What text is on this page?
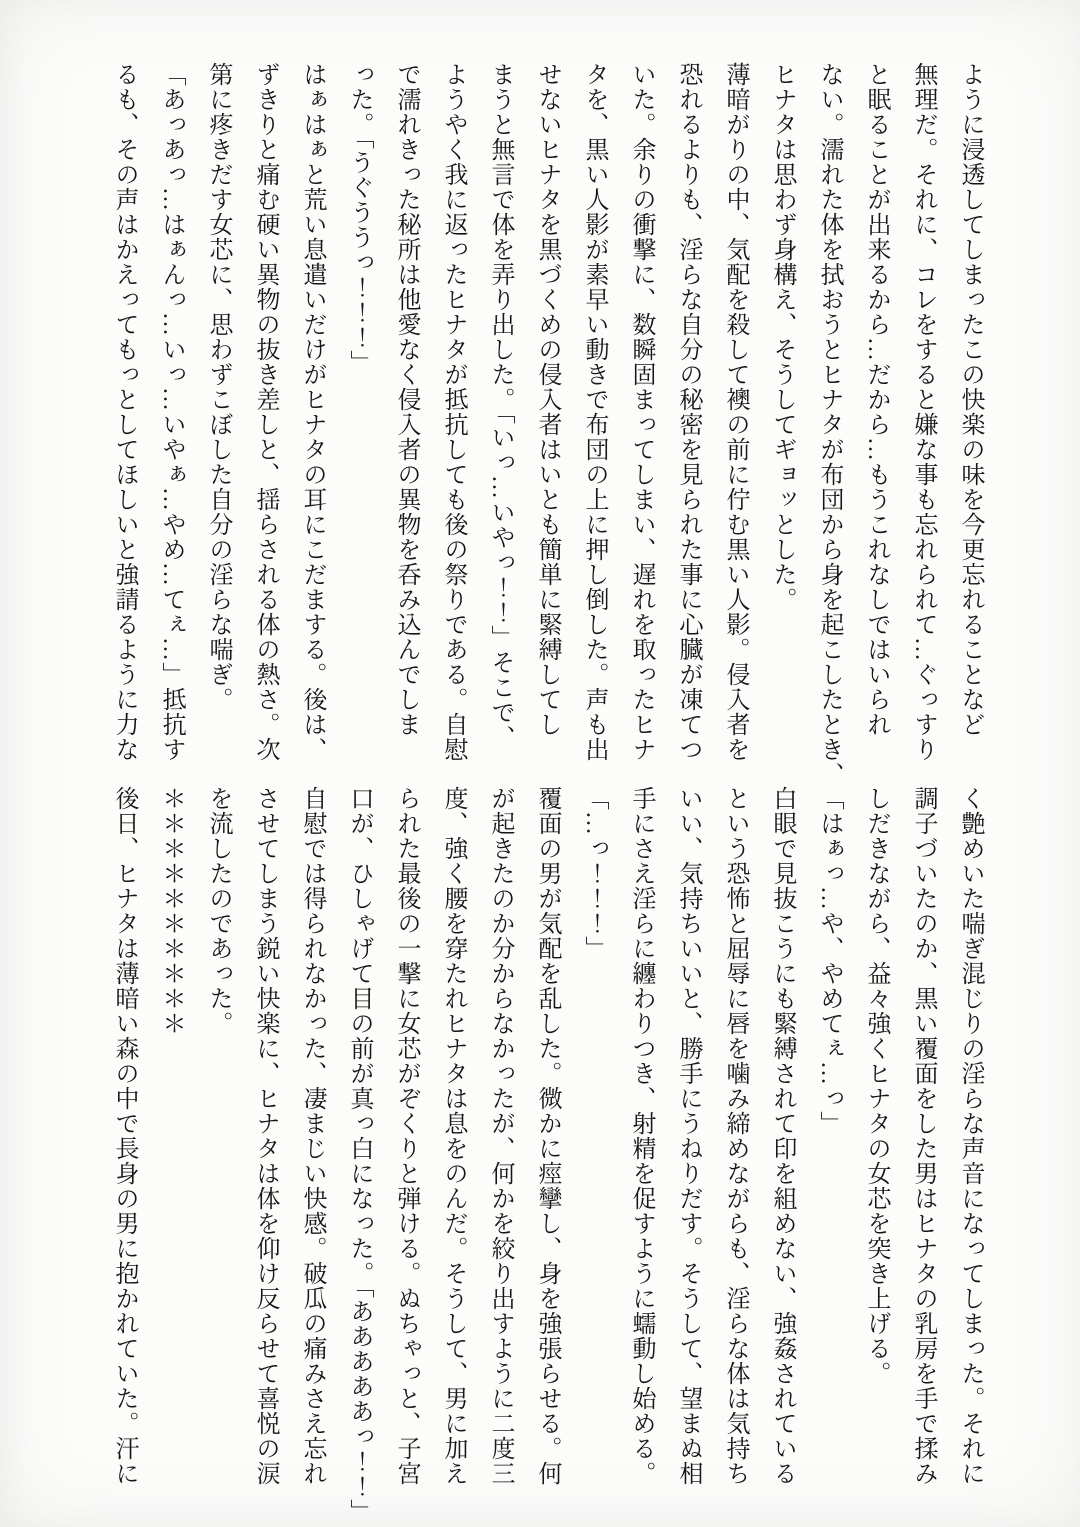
ように浸透してしまったこの快楽の味を今更忘れることなど

無理だ。それに、コレをすると嫌な事も忘れられて…ぐっすり

と眠ることが出来るから…だから…もうこれなしではいられ

ない。濡れた体を拭おうとヒナタが布団から身を起こしたとき、

ヒナタは思わず身構え、そうしてギョッとした。

薄暗がりの中、気配を殺して襖の前に佇む黒い人影。侵入者を

恐れるよりも、淫らな自分の秘密を見られた事に心臓が凍てつ

いた。余りの衝撃に、数瞬固まってしまい、遅れを取ったヒナ

タを、黒い人影が素早い動きで布団の上に押し倒した。声も出

せないヒナタを黒づくめの侵入者はいとも簡単に緊縛してし

まうと無言で体を弄り出した。「いっ…いやっ！！」そこで、

ようやく我に返ったヒナタが抵抗しても後の祭りである。自慰

で濡れきった秘所は他愛なく侵入者の異物を呑み込んでしま

った。「うぐううっ！！！」

はぁはぁと荒い息遣いだけがヒナタの耳にこだまする。後は、

ずきりと痛む硬い異物の抜き差しと、揺らされる体の熱さ。次

第に疼きだす女芯に、思わずこぼした自分の淫らな喘ぎ。

「あっあっ…はぁんっ…いっ…いやぁ…やめ…てぇ…」抵抗す

るも、その声はかえってもっとしてほしいと強請るように力な

く艶めいた喘ぎ混じりの淫らな声音になってしまった。それに

調子づいたのか、黒い覆面をした男はヒナタの乳房を手で揉み

しだきながら、益々強くヒナタの女芯を突き上げる。

「はぁっ…や、やめてぇ…っ」

白眼で見抜こうにも緊縛されて印を組めない、強姦されている

という恐怖と屈辱に唇を噛み締めながらも、淫らな体は気持ち

いい、気持ちいいと、勝手にうねりだす。そうして、望まぬ相

手にさえ淫らに纏わりつき、射精を促すように蠕動し始める。

「…っ！！！」

覆面の男が気配を乱した。微かに痙攣し、身を強張らせる。何

が起きたのか分からなかったが、何かを絞り出すように二度三

度、強く腰を穿たれヒナタは息をのんだ。そうして、男に加え

られた最後の一撃に女芯がぞくりと弾ける。ぬちゃっと、子宮

口が、ひしゃげて目の前が真っ白になった。「あああああっ！！」

自慰では得られなかった、凄まじい快感。破瓜の痛みさえ忘れ

させてしまう鋭い快楽に、ヒナタは体を仰け反らせて喜悦の涙

を流したのであった。

＊＊＊＊＊＊＊＊＊＊

後日、ヒナタは薄暗い森の中で長身の男に抱かれていた。汗に
